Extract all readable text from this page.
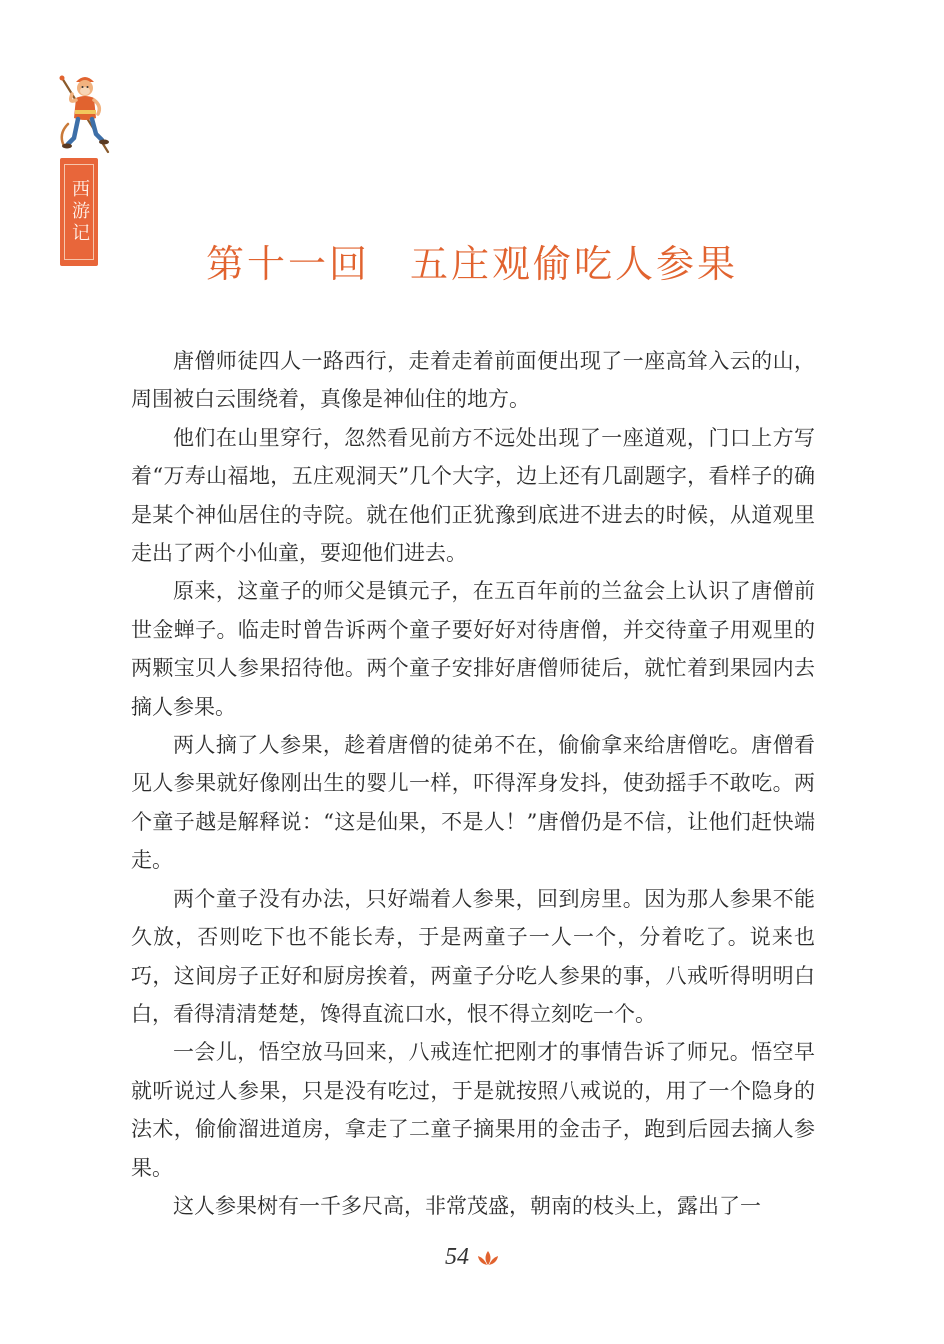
西游记
第十一回 五庄观偷吃人参果

唐僧师徒四人一路西行，走着走着前面便出现了一座高耸入云的山，周围被白云围绕着，真像是神仙住的地方。

他们在山里穿行，忽然看见前方不远处出现了一座道观，门口上方写着“万寿山福地，五庄观洞天”几个大字，边上还有几副题字，看样子的确是某个神仙居住的寺院。就在他们正犹豫到底进不进去的时候，从道观里走出了两个小仙童，要迎他们进去。

原来，这童子的师父是镇元子，在五百年前的兰盆会上认识了唐僧前世金蝉子。临走时曾告诉两个童子要好好对待唐僧，并交待童子用观里的两颗宝贝人参果招待他。两个童子安排好唐僧师徒后，就忙着到果园内去摘人参果。

两人摘了人参果，趁着唐僧的徒弟不在，偷偷拿来给唐僧吃。唐僧看见人参果就好像刚出生的婴儿一样，吓得浑身发抖，使劲摇手不敢吃。两个童子越是解释说：“这是仙果，不是人！”唐僧仍是不信，让他们赶快端走。

两个童子没有办法，只好端着人参果，回到房里。因为那人参果不能久放，否则吃下也不能长寿，于是两童子一人一个，分着吃了。说来也巧，这间房子正好和厨房挨着，两童子分吃人参果的事，八戒听得明明白白，看得清清楚楚，馋得直流口水，恨不得立刻吃一个。

一会儿，悟空放马回来，八戒连忙把刚才的事情告诉了师兄。悟空早就听说过人参果，只是没有吃过，于是就按照八戒说的，用了一个隐身的法术，偷偷溜进道房，拿走了二童子摘果用的金击子，跑到后园去摘人参果。

这人参果树有一千多尺高，非常茂盛，朝南的枝头上，露出了一

54
